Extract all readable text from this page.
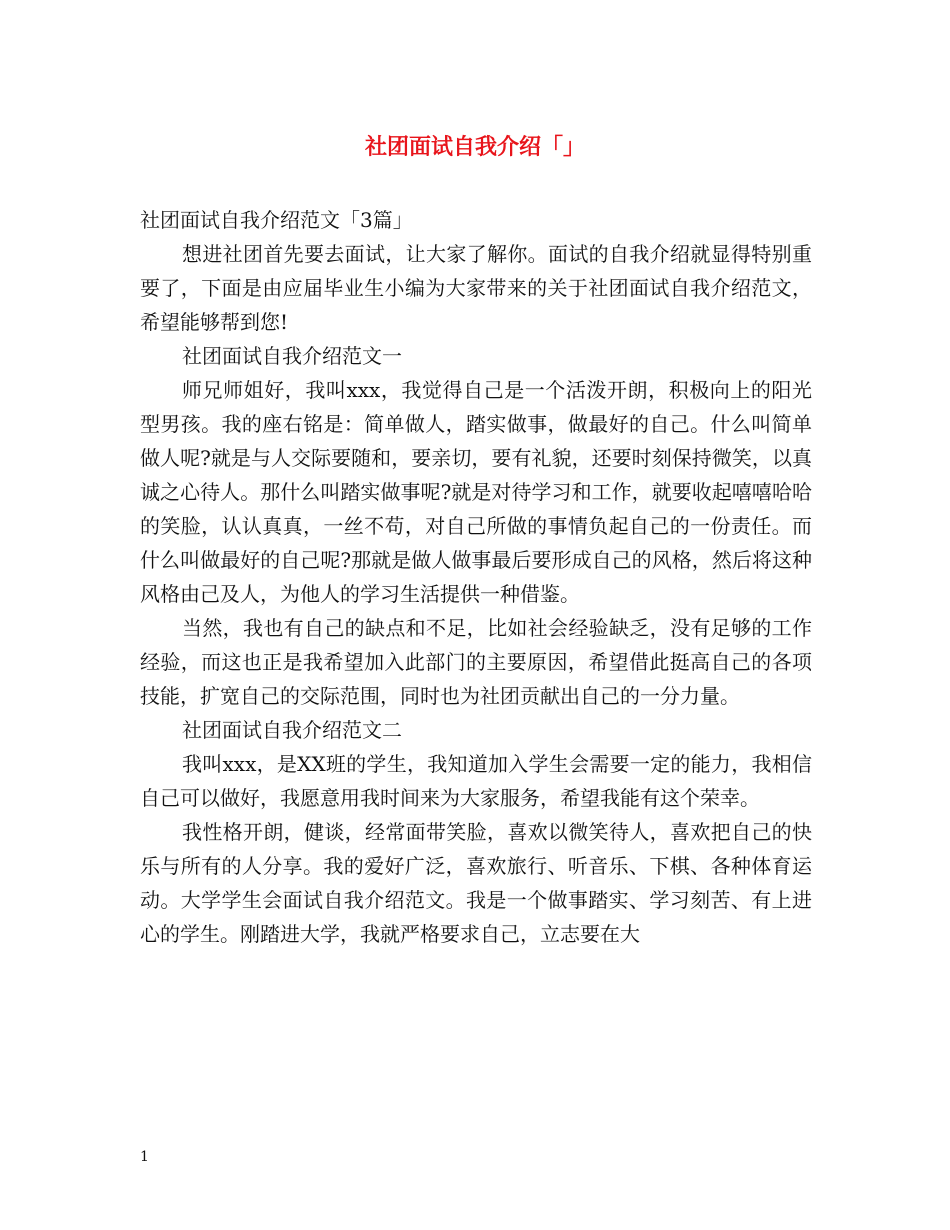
社团面试自我介绍「」

社团面试自我介绍范文「3篇」

想进社团首先要去面试，让大家了解你。面试的自我介绍就显得特别重要了，下面是由应届毕业生小编为大家带来的关于社团面试自我介绍范文，希望能够帮到您!

社团面试自我介绍范文一

师兄师姐好，我叫xxx，我觉得自己是一个活泼开朗，积极向上的阳光型男孩。我的座右铭是：简单做人，踏实做事，做最好的自己。什么叫简单做人呢?就是与人交际要随和，要亲切，要有礼貌，还要时刻保持微笑，以真诚之心待人。那什么叫踏实做事呢?就是对待学习和工作，就要收起嘻嘻哈哈的笑脸，认认真真，一丝不苟，对自己所做的事情负起自己的一份责任。而什么叫做最好的自己呢?那就是做人做事最后要形成自己的风格，然后将这种风格由己及人，为他人的学习生活提供一种借鉴。

当然，我也有自己的缺点和不足，比如社会经验缺乏，没有足够的工作经验，而这也正是我希望加入此部门的主要原因，希望借此挺高自己的各项技能，扩宽自己的交际范围，同时也为社团贡献出自己的一分力量。

社团面试自我介绍范文二

我叫xxx，是XX班的学生，我知道加入学生会需要一定的能力，我相信自己可以做好，我愿意用我时间来为大家服务，希望我能有这个荣幸。

我性格开朗，健谈，经常面带笑脸，喜欢以微笑待人，喜欢把自己的快乐与所有的人分享。我的爱好广泛，喜欢旅行、听音乐、下棋、各种体育运动。大学学生会面试自我介绍范文。我是一个做事踏实、学习刻苦、有上进心的学生。刚踏进大学，我就严格要求自己，立志要在大

1
